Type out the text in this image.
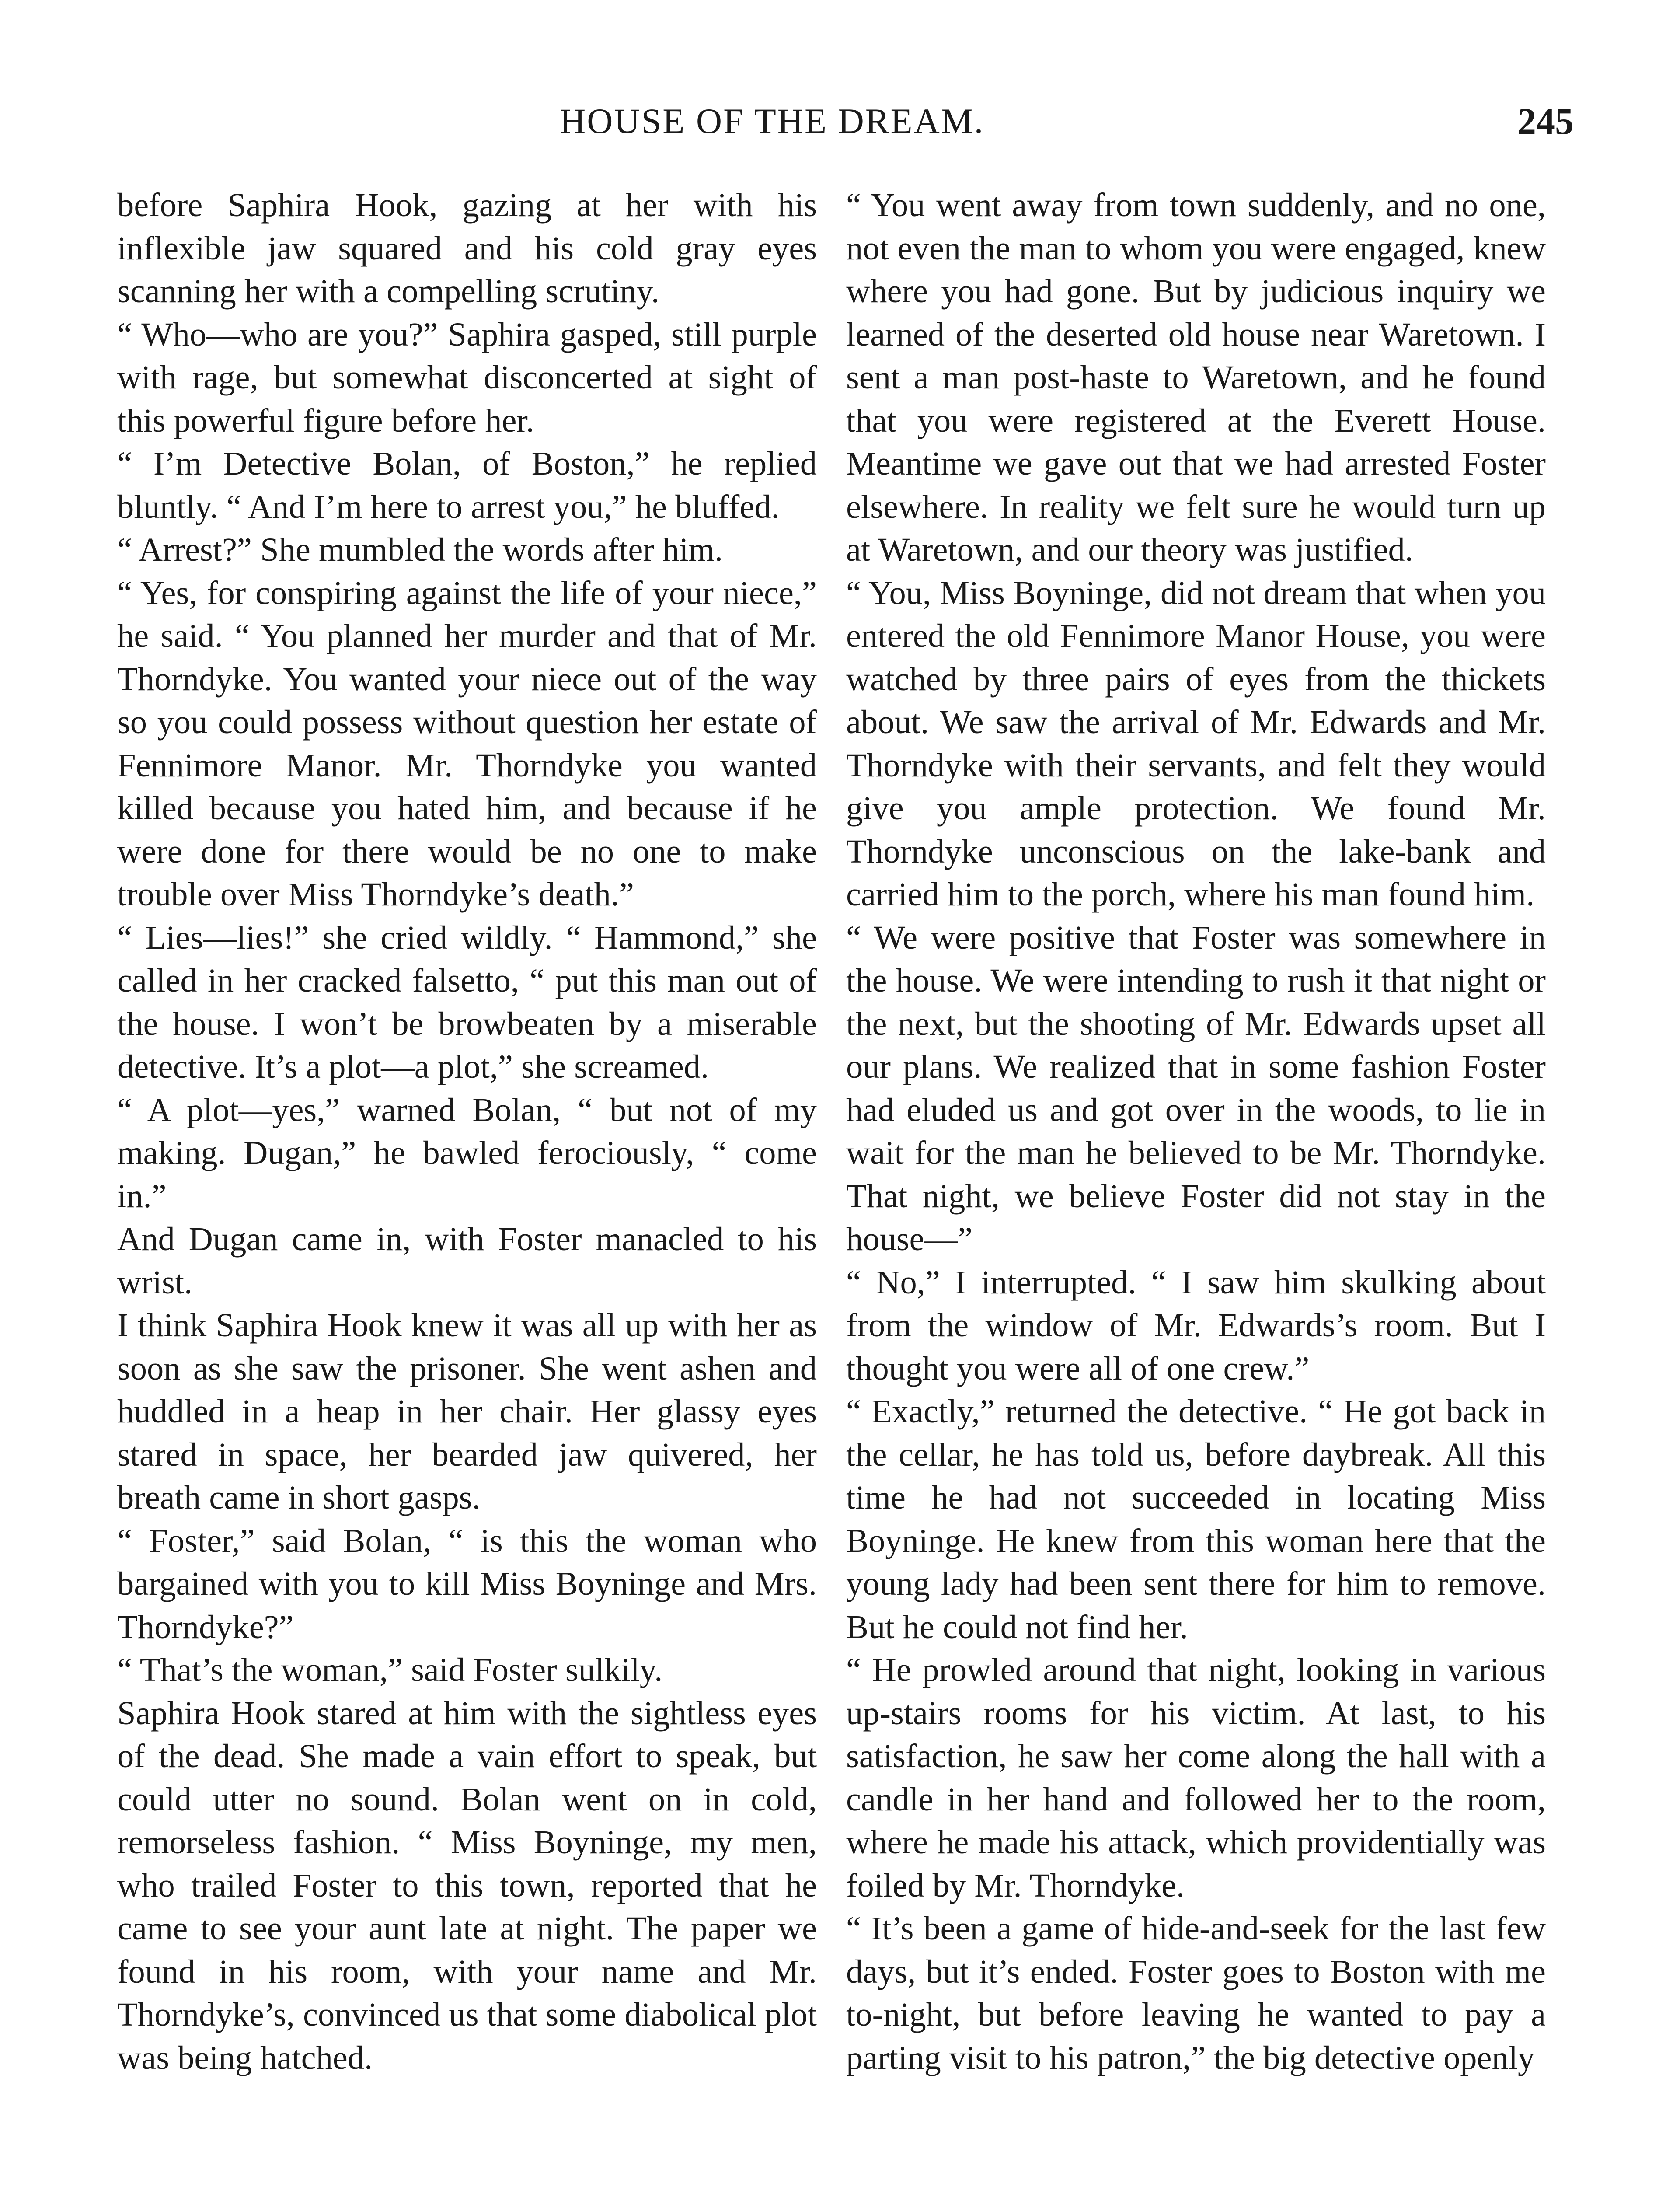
HOUSE OF THE DREAM.	245

before Saphira Hook, gazing at her with his inflexible jaw squared and his cold gray eyes scanning her with a compelling scrutiny.

“ Who—who are you?” Saphira gasped, still purple with rage, but somewhat disconcerted at sight of this powerful figure before her.

“ I’m Detective Bolan, of Boston,” he replied bluntly. “ And I’m here to arrest you,” he bluffed.

“ Arrest?” She mumbled the words after him.

“ Yes, for conspiring against the life of your niece,” he said. “ You planned her murder and that of Mr. Thorndyke. You wanted your niece out of the way so you could possess without question her estate of Fennimore Manor. Mr. Thorndyke you wanted killed because you hated him, and because if he were done for there would be no one to make trouble over Miss Thorndyke’s death.”

“ Lies—lies!” she cried wildly. “ Hammond,” she called in her cracked falsetto, “ put this man out of the house. I won’t be browbeaten by a miserable detective. It’s a plot—a plot,” she screamed.

“ A plot—yes,” warned Bolan, “ but not of my making. Dugan,” he bawled ferociously, “ come in.”

And Dugan came in, with Foster manacled to his wrist.

I think Saphira Hook knew it was all up with her as soon as she saw the prisoner. She went ashen and huddled in a heap in her chair. Her glassy eyes stared in space, her bearded jaw quivered, her breath came in short gasps.

“ Foster,” said Bolan, “ is this the woman who bargained with you to kill Miss Boyninge and Mrs. Thorndyke?”

“ That’s the woman,” said Foster sulkily.

Saphira Hook stared at him with the sightless eyes of the dead. She made a vain effort to speak, but could utter no sound. Bolan went on in cold, remorseless fashion. “ Miss Boyninge, my men, who trailed Foster to this town, reported that he came to see your aunt late at night. The paper we found in his room, with your name and Mr. Thorndyke’s, convinced us that some diabolical plot was being hatched.

“ You went away from town suddenly, and no one, not even the man to whom you were engaged, knew where you had gone. But by judicious inquiry we learned of the deserted old house near Waretown. I sent a man post-haste to Waretown, and he found that you were registered at the Everett House. Meantime we gave out that we had arrested Foster elsewhere. In reality we felt sure he would turn up at Waretown, and our theory was justified.

“ You, Miss Boyninge, did not dream that when you entered the old Fennimore Manor House, you were watched by three pairs of eyes from the thickets about. We saw the arrival of Mr. Edwards and Mr. Thorndyke with their servants, and felt they would give you ample protection. We found Mr. Thorndyke unconscious on the lake-bank and carried him to the porch, where his man found him.

“ We were positive that Foster was somewhere in the house. We were intending to rush it that night or the next, but the shooting of Mr. Edwards upset all our plans. We realized that in some fashion Foster had eluded us and got over in the woods, to lie in wait for the man he believed to be Mr. Thorndyke. That night, we believe Foster did not stay in the house—”

“ No,” I interrupted. “ I saw him skulking about from the window of Mr. Edwards’s room. But I thought you were all of one crew.”

“ Exactly,” returned the detective. “ He got back in the cellar, he has told us, before daybreak. All this time he had not succeeded in locating Miss Boyninge. He knew from this woman here that the young lady had been sent there for him to remove. But he could not find her.

“ He prowled around that night, looking in various up-stairs rooms for his victim. At last, to his satisfaction, he saw her come along the hall with a candle in her hand and followed her to the room, where he made his attack, which providentially was foiled by Mr. Thorndyke.

“ It’s been a game of hide-and-seek for the last few days, but it’s ended. Foster goes to Boston with me to-night, but before leaving he wanted to pay a parting visit to his patron,” the big detective openly
